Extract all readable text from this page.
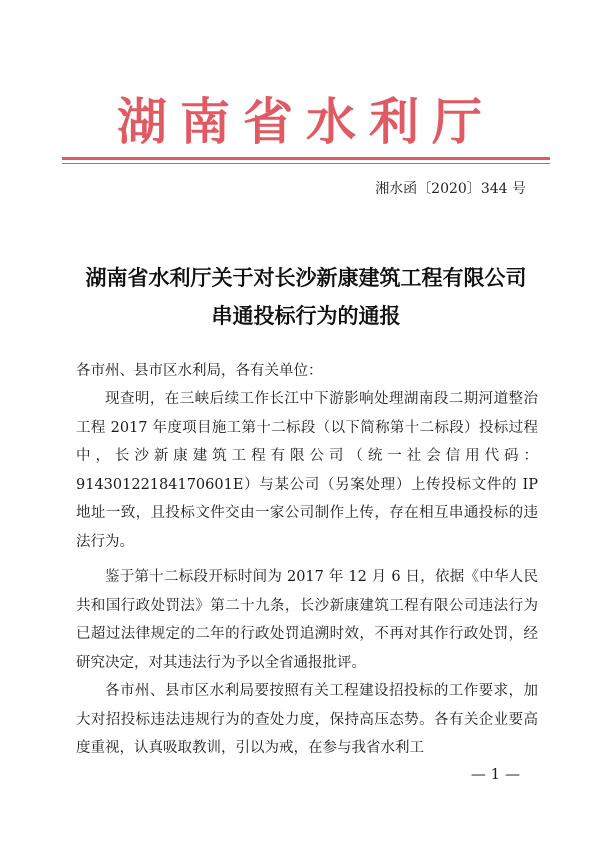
湖南省水利厅
湘水函〔2020〕344 号
湖南省水利厅关于对长沙新康建筑工程有限公司
串通投标行为的通报
各市州、县市区水利局，各有关单位：

现查明，在三峡后续工作长江中下游影响处理湖南段二期河道整治工程 2017 年度项目施工第十二标段（以下简称第十二标段）投标过程中，长沙新康建筑工程有限公司（统一社会信用代码：91430122184170601E）与某公司（另案处理）上传投标文件的 IP 地址一致，且投标文件交由一家公司制作上传，存在相互串通投标的违法行为。

鉴于第十二标段开标时间为 2017 年 12 月 6 日，依据《中华人民共和国行政处罚法》第二十九条，长沙新康建筑工程有限公司违法行为已超过法律规定的二年的行政处罚追溯时效，不再对其作行政处罚，经研究决定，对其违法行为予以全省通报批评。

各市州、县市区水利局要按照有关工程建设招投标的工作要求，加大对招投标违法违规行为的查处力度，保持高压态势。各有关企业要高度重视，认真吸取教训，引以为戒，在参与我省水利工

— 1 —
